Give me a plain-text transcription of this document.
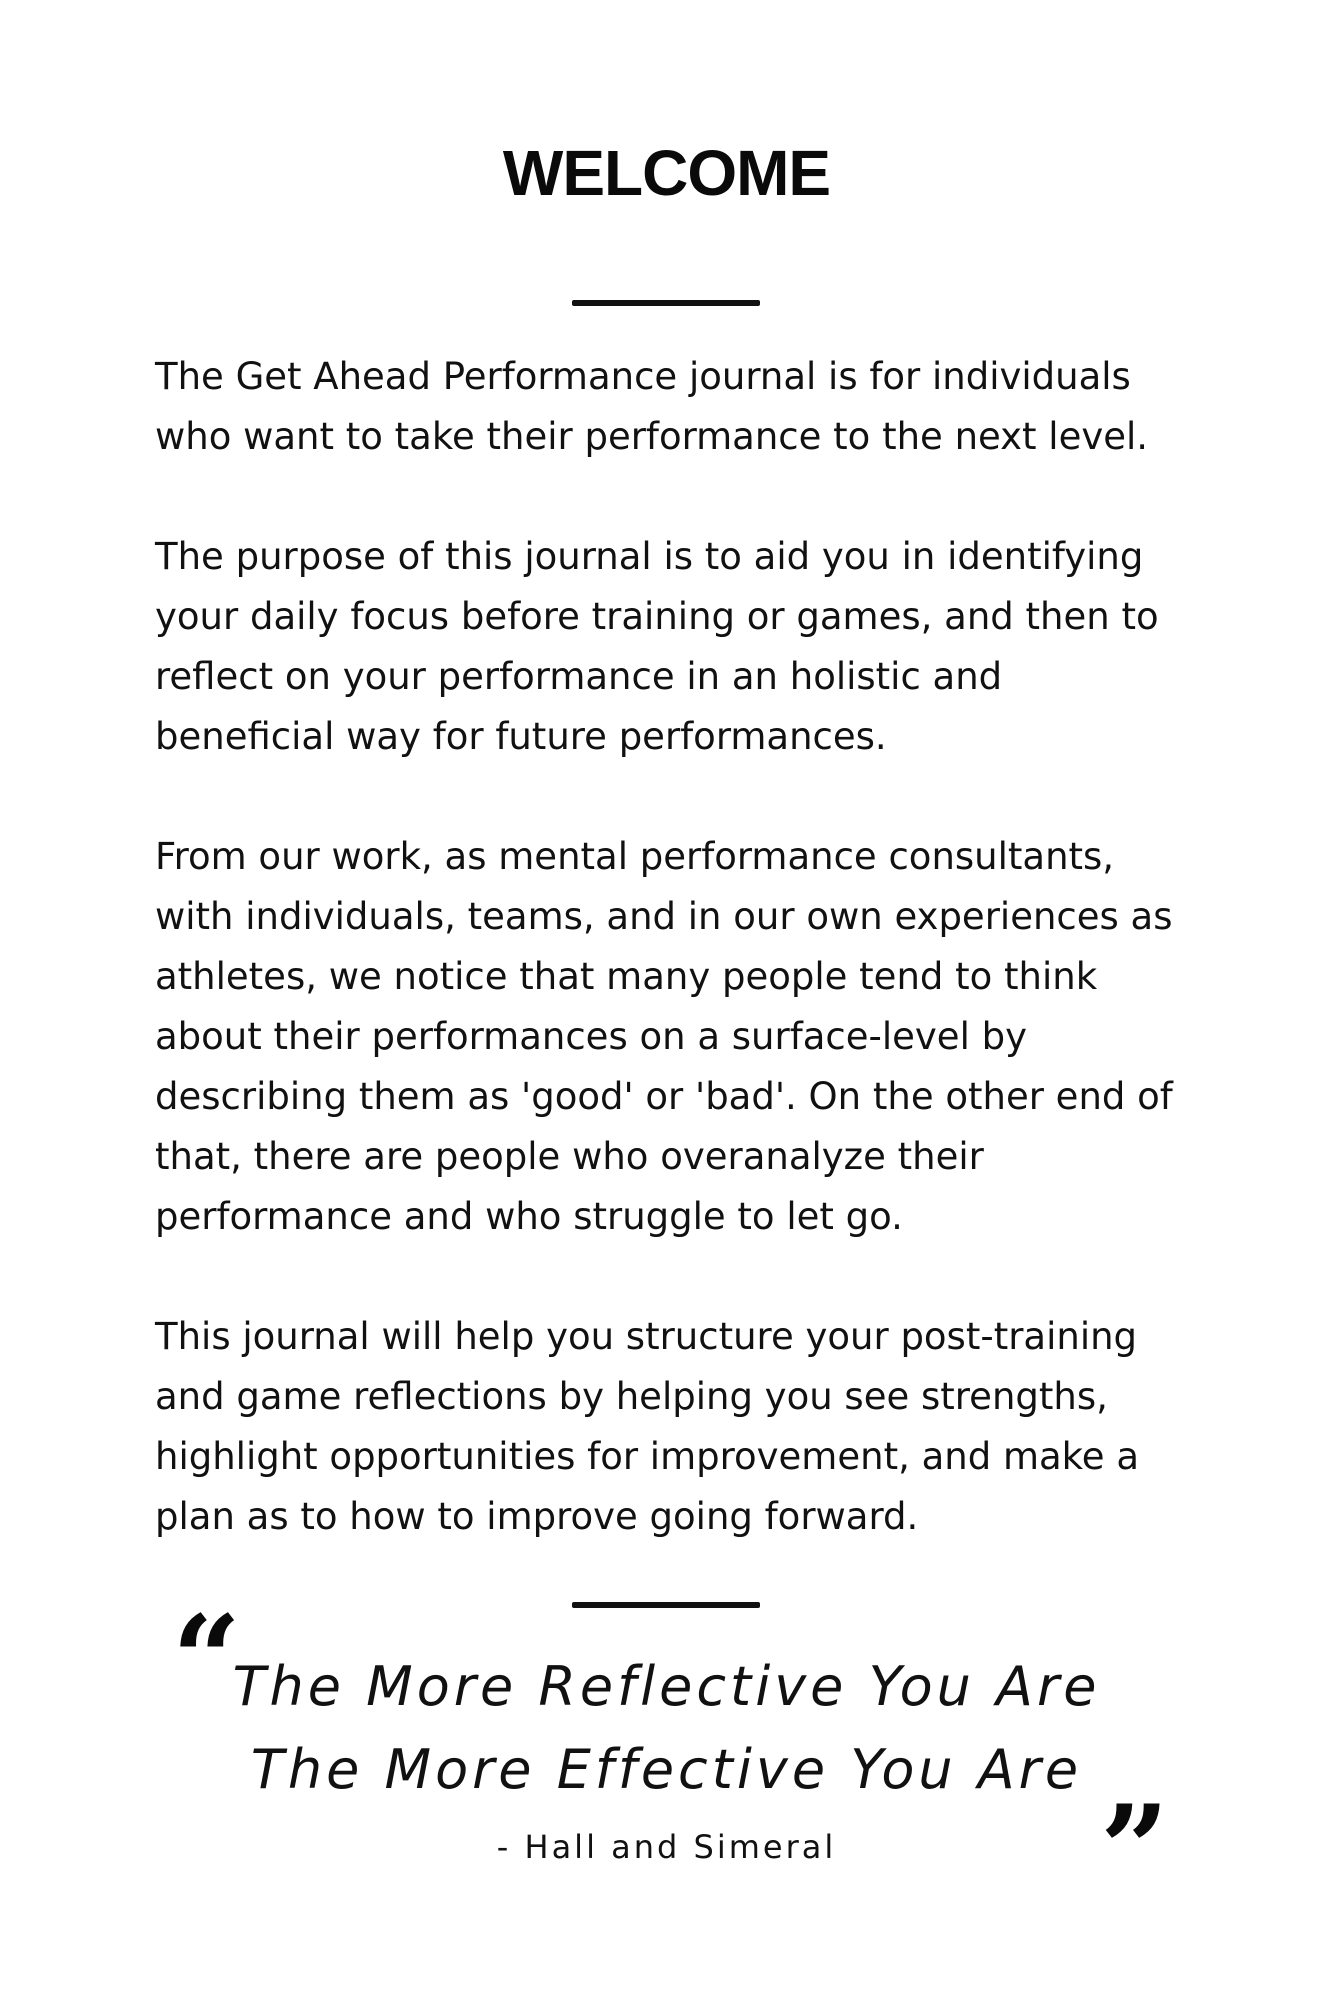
WELCOME

The Get Ahead Performance journal is for individuals
who want to take their performance to the next level.

The purpose of this journal is to aid you in identifying
your daily focus before training or games, and then to
reflect on your performance in an holistic and
beneficial way for future performances.

From our work, as mental performance consultants,
with individuals, teams, and in our own experiences as
athletes, we notice that many people tend to think
about their performances on a surface-level by
describing them as 'good' or 'bad'. On the other end of
that, there are people who overanalyze their
performance and who struggle to let go.

This journal will help you structure your post-training
and game reflections by helping you see strengths,
highlight opportunities for improvement, and make a
plan as to how to improve going forward.

“

The More Reflective You Are

The More Effective You Are

- Hall and Simeral	”
